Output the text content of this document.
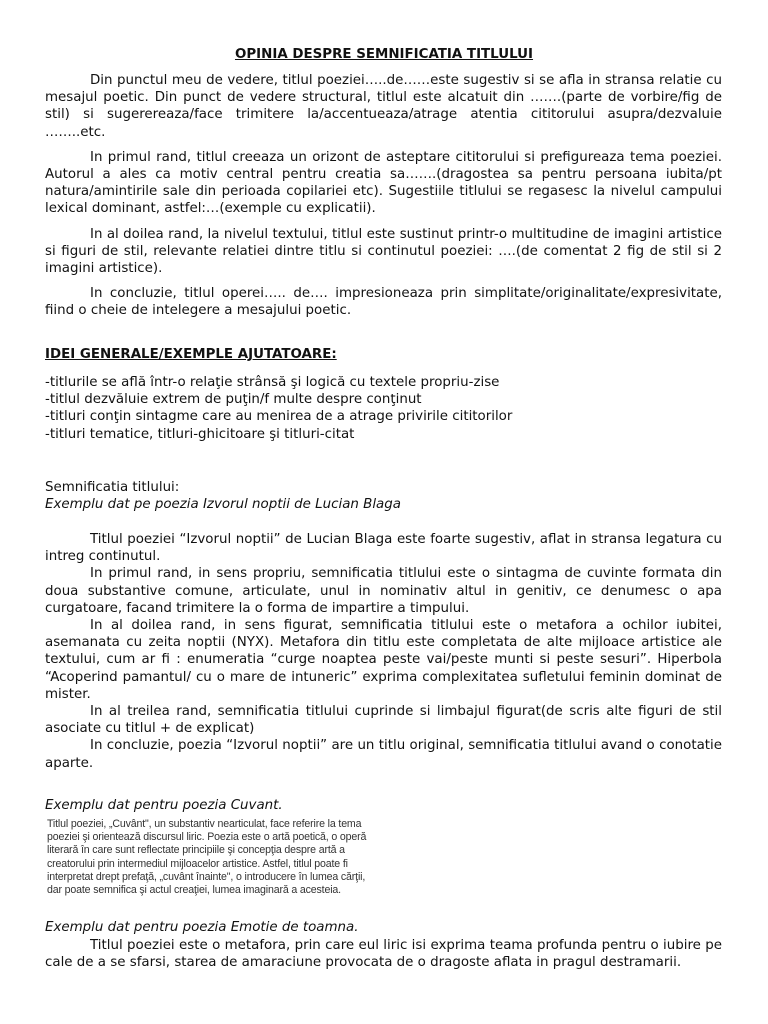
OPINIA DESPRE SEMNIFICATIA TITLULUI

Din punctul meu de vedere, titlul poeziei…..de……este sugestiv si se afla in stransa relatie cu mesajul poetic. Din punct de vedere structural, titlul este alcatuit din …….(parte de vorbire/fig de stil) si sugerereaza/face trimitere la/accentueaza/atrage atentia cititorului asupra/dezvaluie ……..etc.

In primul rand, titlul creeaza un orizont de asteptare cititorului si prefigureaza tema poeziei. Autorul a ales ca motiv central pentru creatia sa…….(dragostea sa pentru persoana iubita/pt natura/amintirile sale din perioada copilariei etc). Sugestiile titlului se regasesc la nivelul campului lexical dominant, astfel:…(exemple cu explicatii).

In al doilea rand, la nivelul textului, titlul este sustinut printr-o multitudine de imagini artistice si figuri de stil, relevante relatiei dintre titlu si continutul poeziei: ….(de comentat 2 fig de stil si 2 imagini artistice).

In concluzie, titlul operei….. de…. impresioneaza prin simplitate/originalitate/expresivitate, fiind o cheie de intelegere a mesajului poetic.

IDEI GENERALE/EXEMPLE AJUTATOARE:
-titlurile se află într-o relaţie strânsă şi logică cu textele propriu-zise
-titlul dezvăluie extrem de puţin/f multe despre conţinut
-titluri conţin sintagme care au menirea de a atrage privirile cititorilor
-titluri tematice, titluri-ghicitoare şi titluri-citat
Semnificatia titlului:
Exemplu dat pe poezia Izvorul noptii de Lucian Blaga

Titlul poeziei “Izvorul noptii” de Lucian Blaga este foarte sugestiv, aflat in stransa legatura cu intreg continutul.

In primul rand, in sens propriu, semnificatia titlului este o sintagma de cuvinte formata din doua substantive comune, articulate, unul in nominativ altul in genitiv, ce denumesc o apa curgatoare, facand trimitere la o forma de impartire a timpului.

In al doilea rand, in sens figurat, semnificatia titlului este o metafora a ochilor iubitei, asemanata cu zeita noptii (NYX). Metafora din titlu este completata de alte mijloace artistice ale textului, cum ar fi : enumeratia “curge noaptea peste vai/peste munti si peste sesuri”. Hiperbola “Acoperind pamantul/ cu o mare de intuneric” exprima complexitatea sufletului feminin dominat de mister.

In al treilea rand, semnificatia titlului cuprinde si limbajul figurat(de scris alte figuri de stil asociate cu titlul + de explicat)

In concluzie, poezia “Izvorul noptii” are un titlu original, semnificatia titlului avand o conotatie aparte.

Exemplu dat pentru poezia Cuvant.
Titlul poeziei, „Cuvânt", un substantiv nearticulat, face referire la tema
poeziei şi orientează discursul liric. Poezia este o artă poetică, o operă
literară în care sunt reflectate principiile şi concepţia despre artă a
creatorului prin intermediul mijloacelor artistice. Astfel, titlul poate fi
interpretat drept prefaţă, „cuvânt înainte", o introducere în lumea cărţii,
dar poate semnifica şi actul creaţiei, lumea imaginară a acesteia.
Exemplu dat pentru poezia Emotie de toamna.

Titlul poeziei este o metafora, prin care eul liric isi exprima teama profunda pentru o iubire pe cale de a se sfarsi, starea de amaraciune provocata de o dragoste aflata in pragul destramarii.
